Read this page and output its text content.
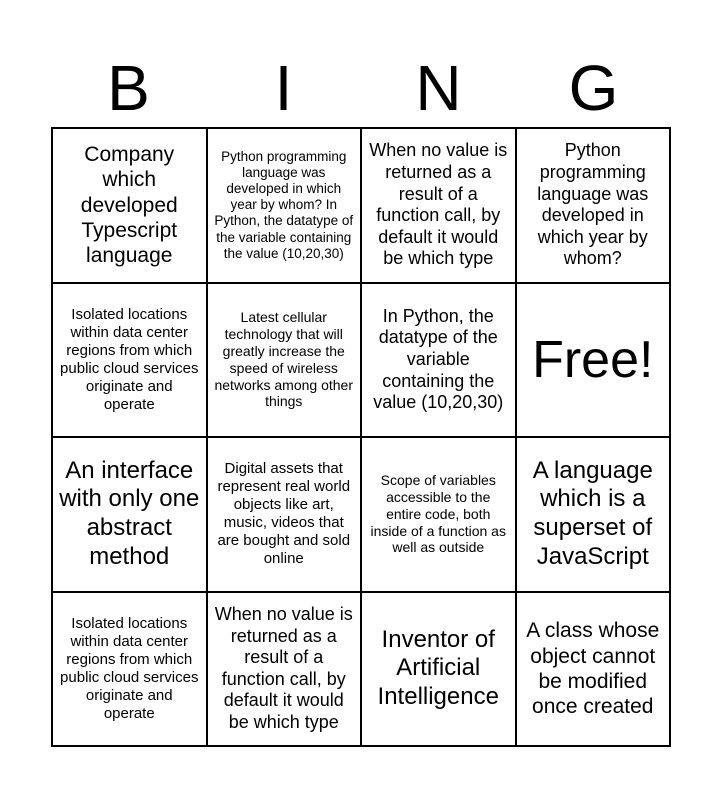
B	I	N	G
Company which developed Typescript language
Python programming language was developed in which year by whom? In Python, the datatype of the variable containing the value (10,20,30)
When no value is returned as a result of a function call, by default it would be which type
Python programming language was developed in which year by whom?
Isolated locations within data center regions from which public cloud services originate and operate
Latest cellular technology that will greatly increase the speed of wireless networks among other things
In Python, the datatype of the variable containing the value (10,20,30)
Free!
An interface with only one abstract method
Digital assets that represent real world objects like art, music, videos that are bought and sold online
Scope of variables accessible to the entire code, both inside of a function as well as outside
A language which is a superset of JavaScript
Isolated locations within data center regions from which public cloud services originate and operate
When no value is returned as a result of a function call, by default it would be which type
Inventor of Artificial Intelligence
A class whose object cannot be modified once created
